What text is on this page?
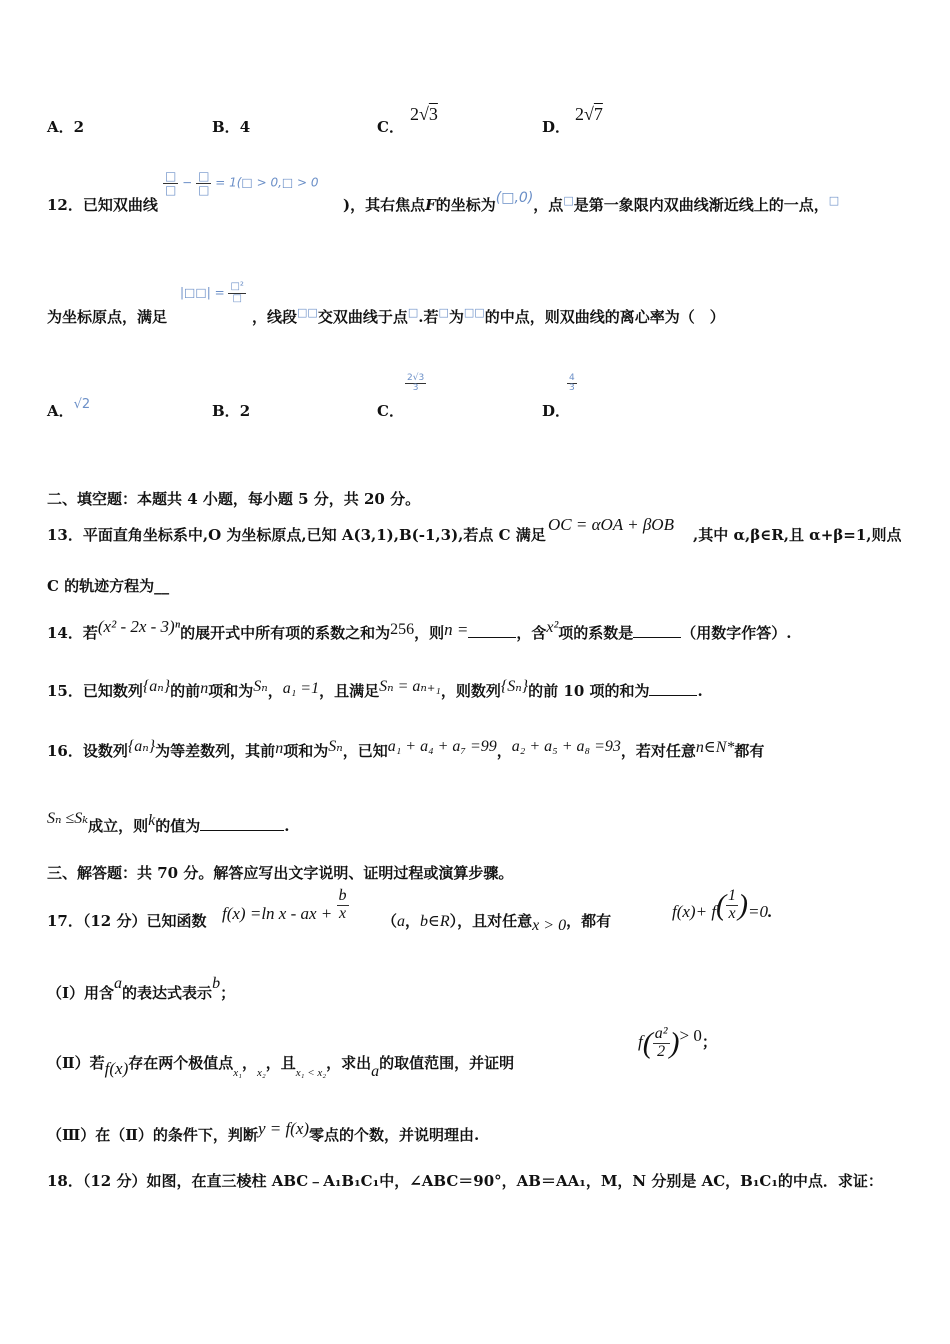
A．2	B．4	C．
2√3
D．
2√7
12．已知双曲线
$\frac{□}{□} - \frac{□}{□}$ = 1(□ > 0,□ > 0
)，其右焦点F的坐标为(□,0)，点□是第一象限内双曲线渐近线上的一点，□
为坐标原点，满足
|□□| = $\frac{\text{□²}}{□}$
，线段□□交双曲线于点□.若□为□□的中点，则双曲线的离心率为（　）
A．√2	B．2	C．
$\frac{2√3}{3}$
D．
$\frac{4}{3}$
二、填空题：本题共 4 小题，每小题 5 分，共 20 分。
13．平面直角坐标系中,O 为坐标原点,已知 A(3,1),B(-1,3),若点 C 满足
OC = αOA + βOB
,其中 α,β∈R,且 α+β=1,则点
C 的轨迹方程为__
14．若(x² - 2x - 3)ⁿ的展开式中所有项的系数之和为256，则n =	，含x²项的系数是	（用数字作答）.
15．已知数列{aₙ}的前n项和为Sₙ，a₁ =1，且满足Sₙ = aₙ₊₁，则数列{Sₙ}的前 10 项的和为	.
16．设数列{aₙ}为等差数列，其前n项和为Sₙ，已知a₁ + a₄ + a₇ =99，a₂ + a₅ + a₈ =93，若对任意n∈N*都有
Sₙ ≤Sₖ成立，则k的值为	.
三、解答题：共 70 分。解答应写出文字说明、证明过程或演算步骤。
17．（12 分）已知函数 f(x) =ln x - ax + $\frac{b}{x} (a$，b∈R），且对任意x > 0，都有	$f(x)+ f( \frac{1}{x} )=0$.
（Ⅰ）用含a的表达式表示b；
（Ⅱ）若f(x)存在两个极值点$_{x_1}$，$_{x_2}$，且$_{x_1 < x_2}$，求出a的取值范围，并证明
$f( \frac{\text{a²}}{2}$ )> 0；
（Ⅲ）在（Ⅱ）的条件下，判断y = f(x)零点的个数，并说明理由.
18．（12 分）如图，在直三棱柱 ABC﹣A₁B₁C₁中，∠ABC＝90°，AB＝AA₁，M，N 分别是 AC，B₁C₁的中点．求证：
